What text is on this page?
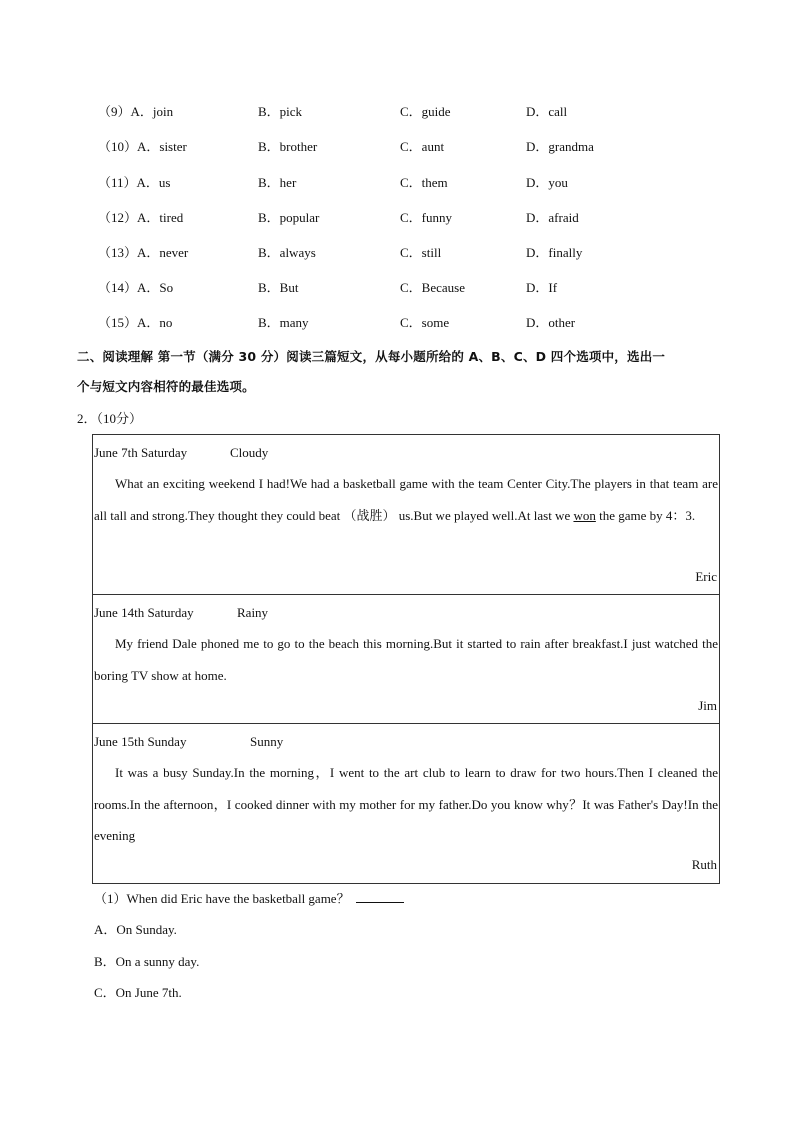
（9）A．join	B．pick	C．guide	D．call
（10）A．sister	B．brother	C．aunt	D．grandma
（11）A．us	B．her	C．them	D．you
（12）A．tired	B．popular	C．funny	D．afraid
（13）A．never	B．always	C．still	D．finally
（14）A．So	B．But	C．Because	D．If
（15）A．no	B．many	C．some	D．other
二、阅读理解 第一节（满分 30 分）阅读三篇短文，从每小题所给的 A、B、C、D 四个选项中，选出一
个与短文内容相符的最佳选项。
2．（10分）
June 7th Saturday	Cloudy
What an exciting weekend I had!We had a basketball game with the team Center City.The players in that team are all tall and strong.They thought they could beat （战胜） us.But we played well.At last we won the game by 4：3.
Eric
June 14th Saturday	Rainy
My friend Dale phoned me to go to the beach this morning.But it started to rain after breakfast.I just watched the boring TV show at home.
Jim
June 15th Sunday	Sunny
It was a busy Sunday.In the morning，I went to the art club to learn to draw for two hours.Then I cleaned the rooms.In the afternoon，I cooked dinner with my mother for my father.Do you know why？It was Father's Day!In the evening
Ruth
（1）When did Eric have the basketball game？
A．On Sunday.
B．On a sunny day.
C．On June 7th.
